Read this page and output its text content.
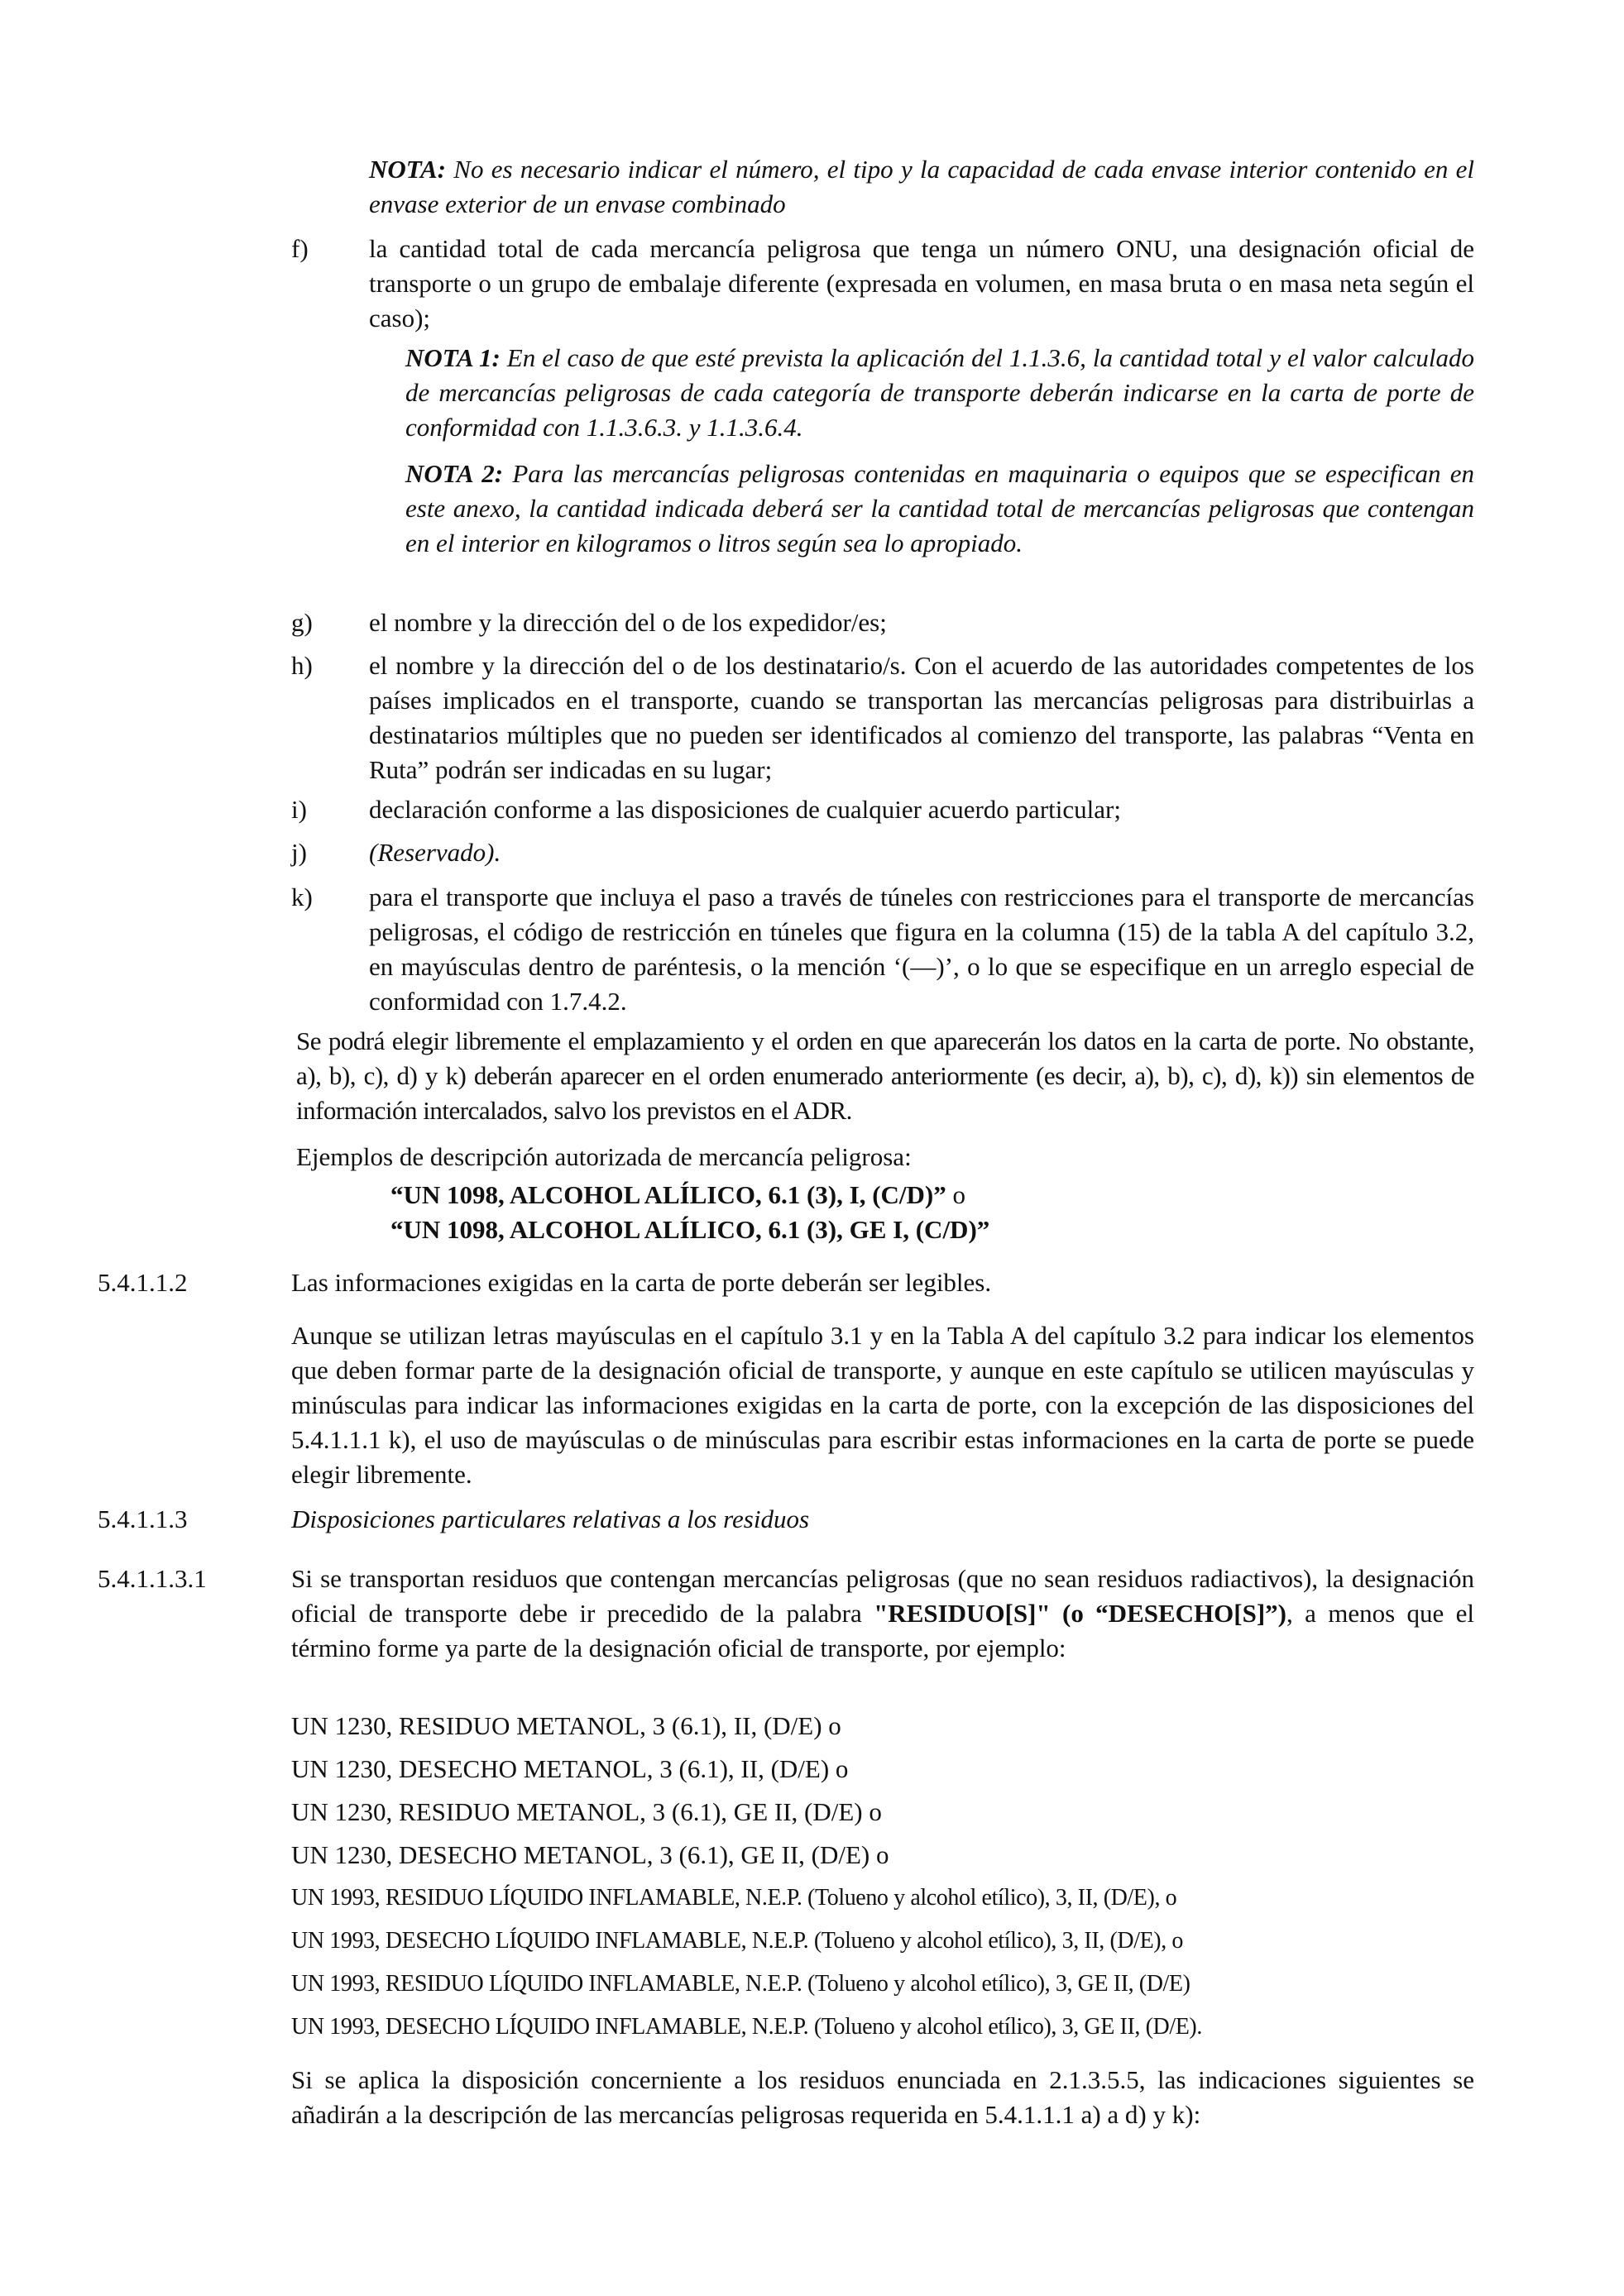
NOTA: No es necesario indicar el número, el tipo y la capacidad de cada envase interior contenido en el envase exterior de un envase combinado

f)	la cantidad total de cada mercancía peligrosa que tenga un número ONU, una designación oficial de transporte o un grupo de embalaje diferente (expresada en volumen, en masa bruta o en masa neta según el caso);

NOTA 1: En el caso de que esté prevista la aplicación del 1.1.3.6, la cantidad total y el valor calculado de mercancías peligrosas de cada categoría de transporte deberán indicarse en la carta de porte de conformidad con 1.1.3.6.3. y 1.1.3.6.4.

NOTA 2: Para las mercancías peligrosas contenidas en maquinaria o equipos que se especifican en este anexo, la cantidad indicada deberá ser la cantidad total de mercancías peligrosas que contengan en el interior en kilogramos o litros según sea lo apropiado.

g)	el nombre y la dirección del o de los expedidor/es;

h)	el nombre y la dirección del o de los destinatario/s. Con el acuerdo de las autoridades competentes de los países implicados en el transporte, cuando se transportan las mercancías peligrosas para distribuirlas a destinatarios múltiples que no pueden ser identificados al comienzo del transporte, las palabras “Venta en Ruta” podrán ser indicadas en su lugar;

i)	declaración conforme a las disposiciones de cualquier acuerdo particular;

j)	(Reservado).

k)	para el transporte que incluya el paso a través de túneles con restricciones para el transporte de mercancías peligrosas, el código de restricción en túneles que figura en la columna (15) de la tabla A del capítulo 3.2, en mayúsculas dentro de paréntesis, o la mención ‘(—)’, o lo que se especifique en un arreglo especial de conformidad con 1.7.4.2.

Se podrá elegir libremente el emplazamiento y el orden en que aparecerán los datos en la carta de porte. No obstante, a), b), c), d) y k) deberán aparecer en el orden enumerado anteriormente (es decir, a), b), c), d), k)) sin elementos de información intercalados, salvo los previstos en el ADR.

Ejemplos de descripción autorizada de mercancía peligrosa:

“UN 1098, ALCOHOL ALÍLICO, 6.1 (3), I, (C/D)” o

“UN 1098, ALCOHOL ALÍLICO, 6.1 (3), GE I, (C/D)”

5.4.1.1.2	Las informaciones exigidas en la carta de porte deberán ser legibles.

Aunque se utilizan letras mayúsculas en el capítulo 3.1 y en la Tabla A del capítulo 3.2 para indicar los elementos que deben formar parte de la designación oficial de transporte, y aunque en este capítulo se utilicen mayúsculas y minúsculas para indicar las informaciones exigidas en la carta de porte, con la excepción de las disposiciones del 5.4.1.1.1 k), el uso de mayúsculas o de minúsculas para escribir estas informaciones en la carta de porte se puede elegir libremente.

5.4.1.1.3	Disposiciones particulares relativas a los residuos

5.4.1.1.3.1	Si se transportan residuos que contengan mercancías peligrosas (que no sean residuos radiactivos), la designación oficial de transporte debe ir precedido de la palabra "RESIDUO[S]" (o “DESECHO[S]”), a menos que el término forme ya parte de la designación oficial de transporte, por ejemplo:

UN 1230, RESIDUO METANOL, 3 (6.1), II, (D/E) o
UN 1230, DESECHO METANOL, 3 (6.1), II, (D/E) o
UN 1230, RESIDUO METANOL, 3 (6.1), GE II, (D/E) o
UN 1230, DESECHO METANOL, 3 (6.1), GE II, (D/E) o
UN 1993, RESIDUO LÍQUIDO INFLAMABLE, N.E.P. (Tolueno y alcohol etílico), 3, II, (D/E), o
UN 1993, DESECHO LÍQUIDO INFLAMABLE, N.E.P. (Tolueno y alcohol etílico), 3, II, (D/E), o
UN 1993, RESIDUO LÍQUIDO INFLAMABLE, N.E.P. (Tolueno y alcohol etílico), 3, GE II, (D/E)
UN 1993, DESECHO LÍQUIDO INFLAMABLE, N.E.P. (Tolueno y alcohol etílico), 3, GE II, (D/E).

Si se aplica la disposición concerniente a los residuos enunciada en 2.1.3.5.5, las indicaciones siguientes se añadirán a la descripción de las mercancías peligrosas requerida en 5.4.1.1.1 a) a d) y k):
